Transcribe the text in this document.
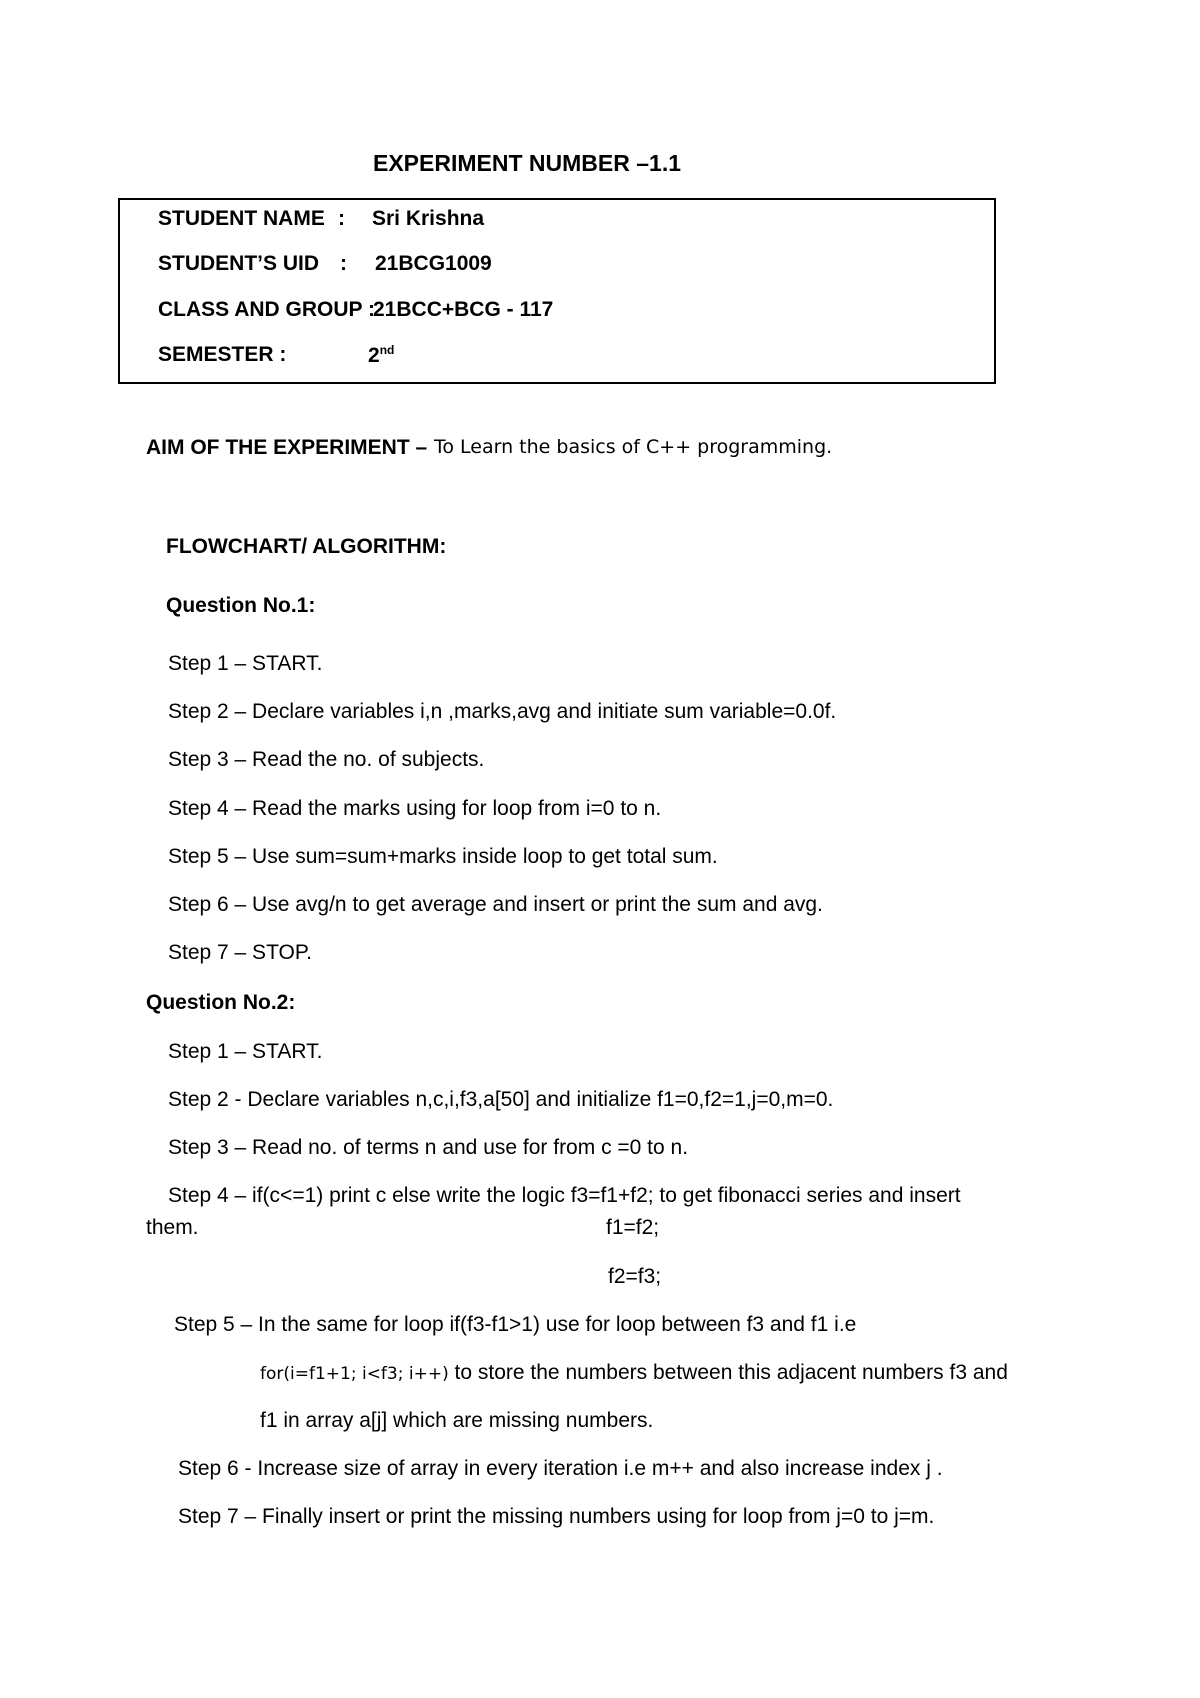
EXPERIMENT NUMBER –1.1
STUDENT NAME : Sri Krishna
STUDENT’S UID : 21BCG1009
CLASS AND GROUP :
21BCC+BCG - 117
SEMESTER :	2nd
AIM OF THE EXPERIMENT – To Learn the basics of C++ programming.
FLOWCHART/ ALGORITHM:
Question No.1:
Step 1 – START.
Step 2 – Declare variables i,n ,marks,avg and initiate sum variable=0.0f.
Step 3 – Read the no. of subjects.
Step 4 – Read the marks using for loop from i=0 to n.
Step 5 – Use sum=sum+marks inside loop to get total sum.
Step 6 – Use avg/n to get average and insert or print the sum and avg.
Step 7 – STOP.
Question No.2:
Step 1 – START.
Step 2 - Declare variables n,c,i,f3,a[50] and initialize f1=0,f2=1,j=0,m=0.
Step 3 – Read no. of terms n and use for from c =0 to n.
Step 4 – if(c<=1) print c else write the logic f3=f1+f2; to get fibonacci series and insert
them.	f1=f2;
f2=f3;
Step 5 – In the same for loop if(f3-f1>1) use for loop between f3 and f1 i.e
for(i=f1+1; i<f3; i++) to store the numbers between this adjacent numbers f3 and
f1 in array a[j] which are missing numbers.
Step 6 - Increase size of array in every iteration i.e m++ and also increase index j .
Step 7 – Finally insert or print the missing numbers using for loop from j=0 to j=m.
